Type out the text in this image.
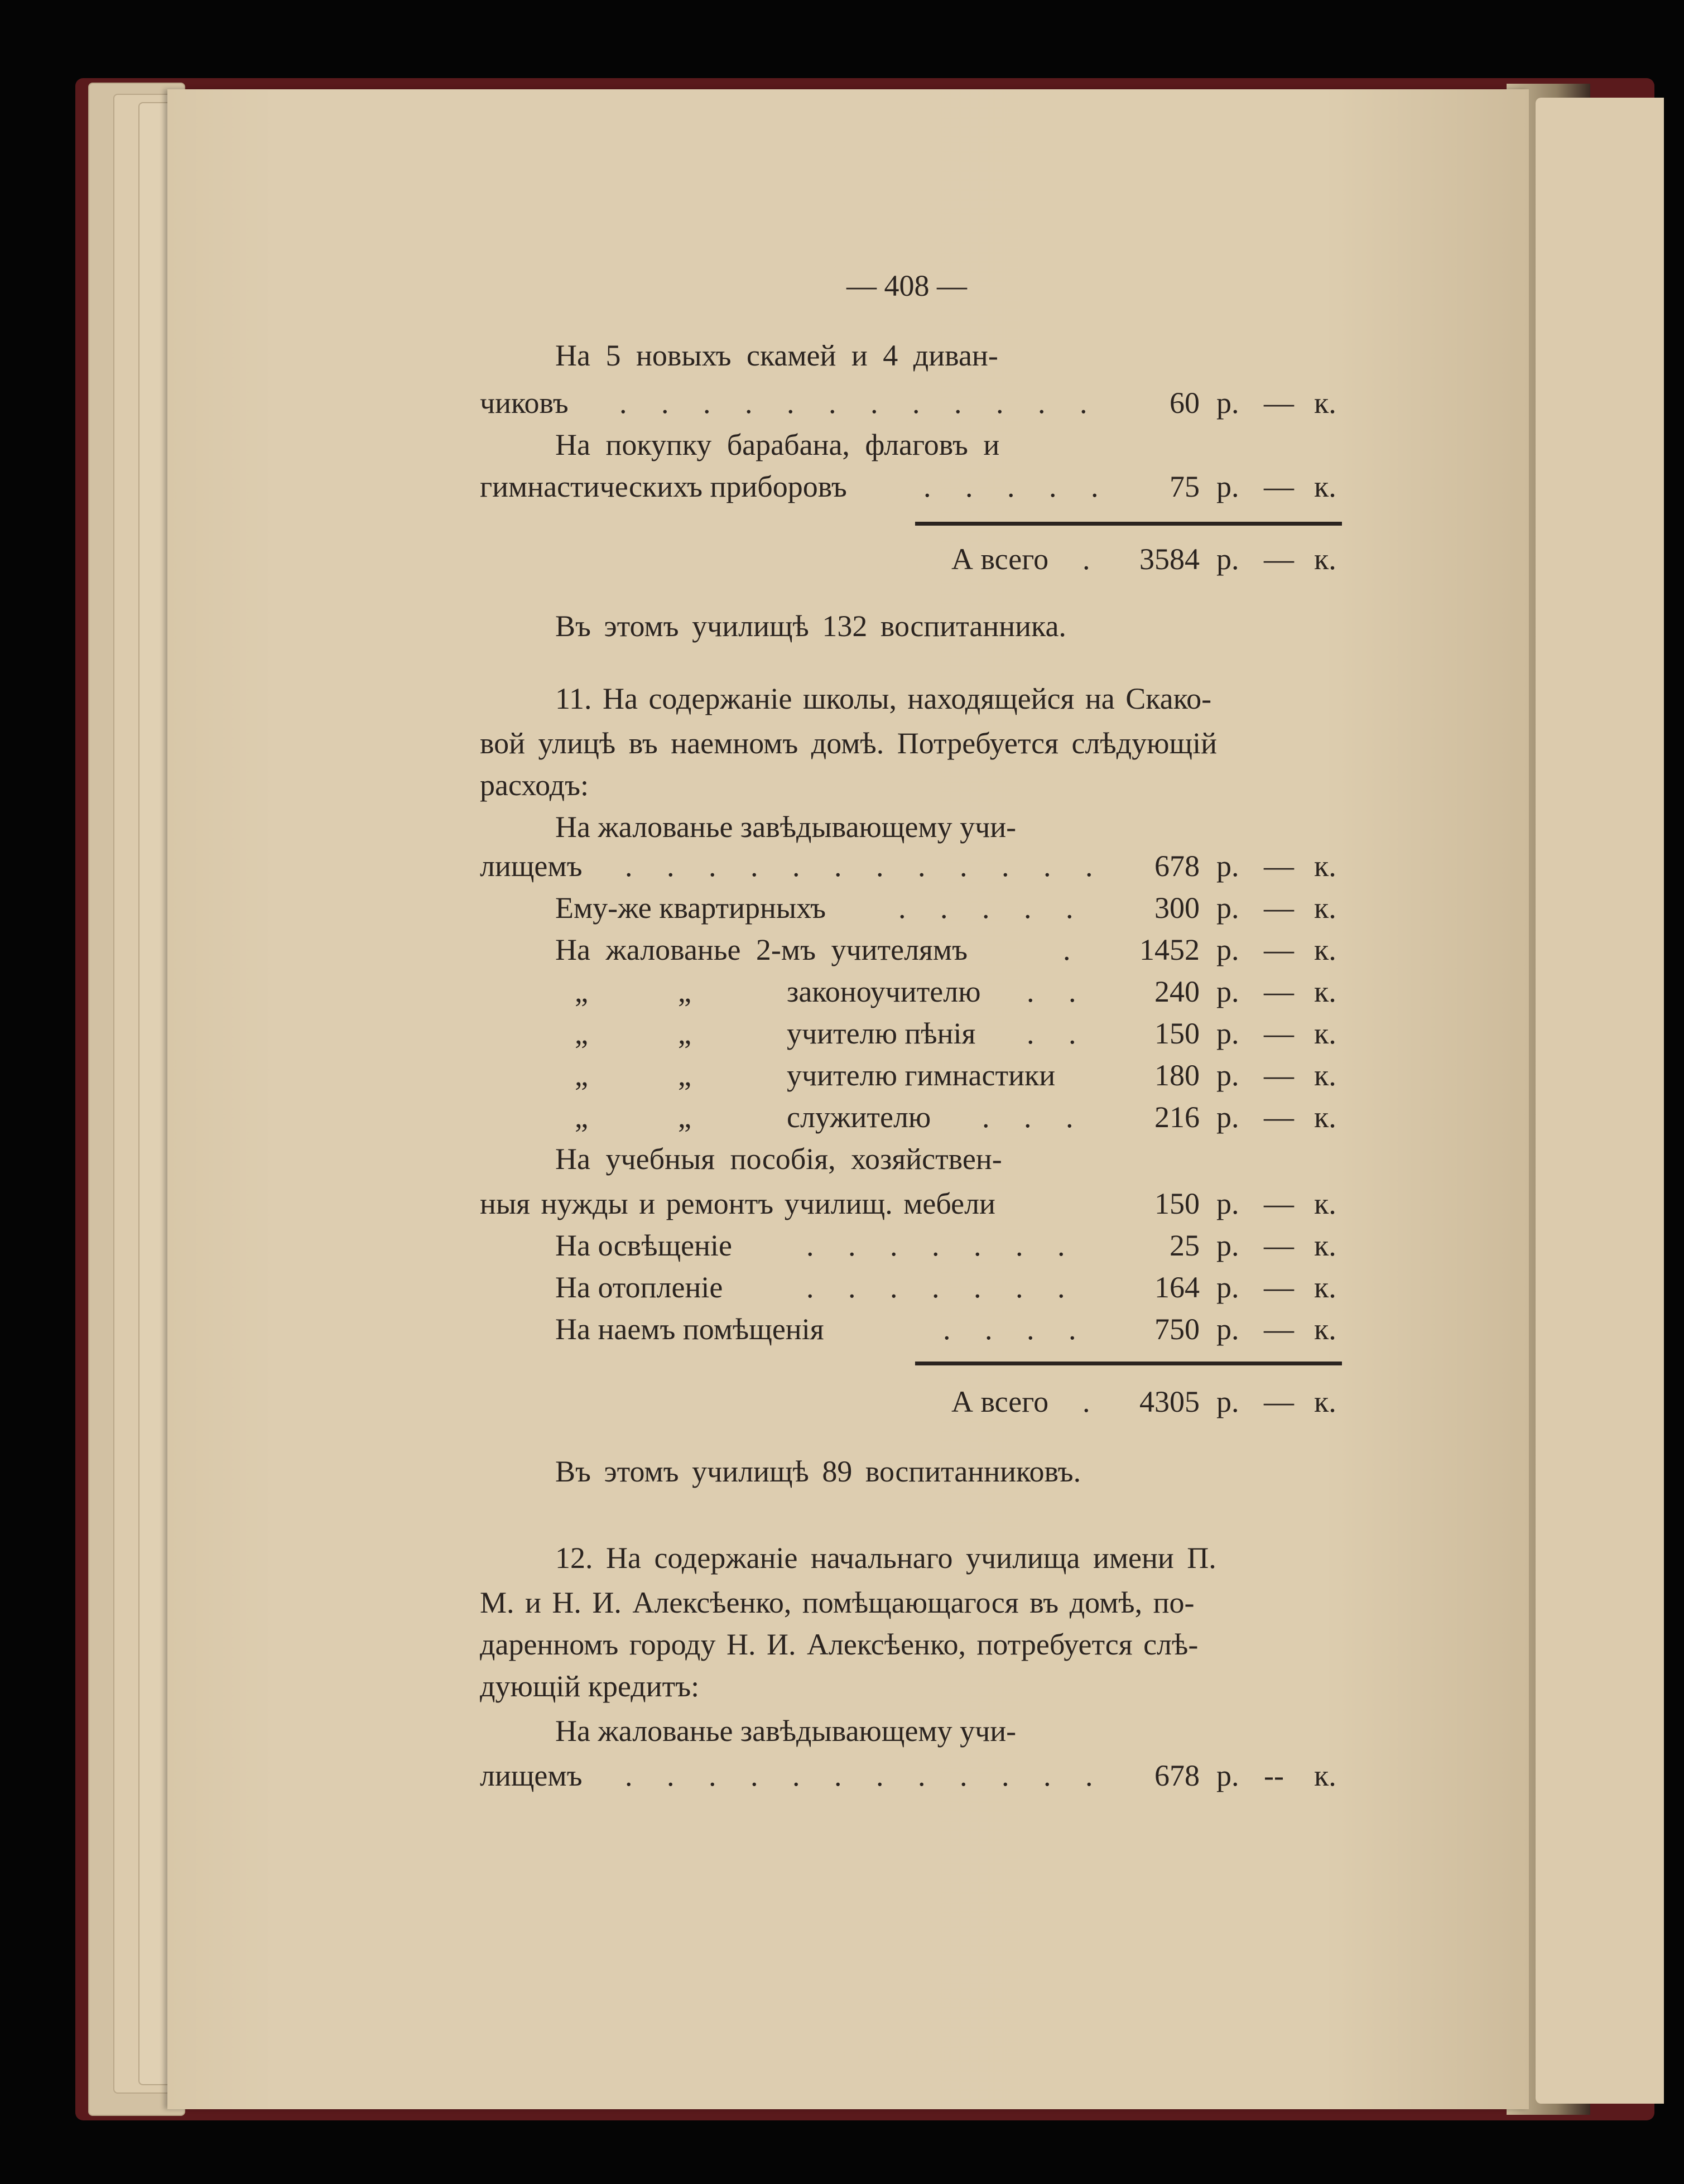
— 408 —
На 5 новыхъ скамей и 4 диван-
чиковъ . . . . . . . . . . . .	60 р. — к.
На покупку барабана, флаговъ и
гимнастическихъ приборовъ	. . . . .	75 р. — к.
А всего .	3584 р. — к.
Въ этомъ училищѣ 132 воспитанника.
11. На содержаніе школы, находящейся на Скако-
вой улицѣ въ наемномъ домѣ. Потребуется слѣдующій
расходъ:
На жалованье завѣдывающему учи-
лищемъ . . . . . . . . . . . .	678 р. — к.
Ему-же квартирныхъ . . . . .	300 р. — к.
На жалованье 2-мъ учителямъ	.	1452 р. — к.
„	„	законоучителю . .	240 р. — к.
„	„	учителю пѣнія . .	150 р. — к.
„	„	учителю гимнастики	180 р. — к.
„	„	служителю . . .	216 р. — к.
На учебныя пособія, хозяйствен-
ныя нужды и ремонтъ училищ. мебели	150 р. — к.
На освѣщеніе . . . . . . .	25 р. — к.
На отопленіе	. . . . . . .	164 р. — к.
На наемъ помѣщенія	. . . .	750 р. — к.
А всего .	4305 р. — к.
Въ этомъ училищѣ 89 воспитанниковъ.
12. На содержаніе начальнаго училища имени П.
М. и Н. И. Алексѣенко, помѣщающагося въ домѣ, по-
даренномъ городу Н. И. Алексѣенко, потребуется слѣ-
дующій кредитъ:
На жалованье завѣдывающему учи-
лищемъ . . . . . . . . . . . .	678 р. -- к.
